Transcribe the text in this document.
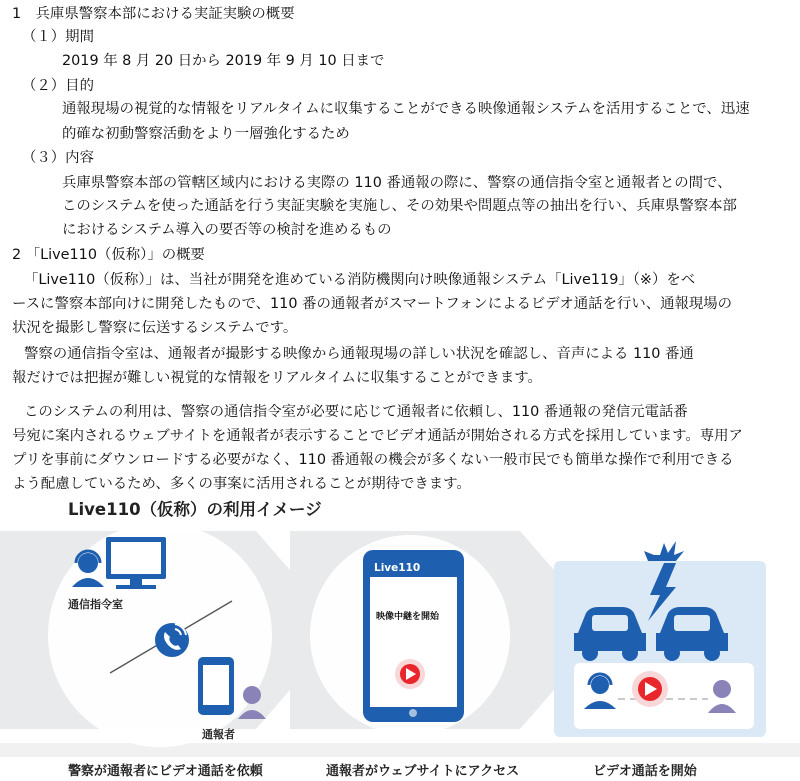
1　兵庫県警察本部における実証実験の概要
（１）期間
2019 年 8 月 20 日から 2019 年 9 月 10 日まで
（２）目的
通報現場の視覚的な情報をリアルタイムに収集することができる映像通報システムを活用することで、迅速
的確な初動警察活動をより一層強化するため
（３）内容
兵庫県警察本部の管轄区域内における実際の 110 番通報の際に、警察の通信指令室と通報者との間で、
このシステムを使った通話を行う実証実験を実施し、その効果や問題点等の抽出を行い、兵庫県警察本部
におけるシステム導入の要否等の検討を進めるもの
2 「Live110（仮称）」の概要
「Live110（仮称）」は、当社が開発を進めている消防機関向け映像通報システム「Live119」（※）をベ
ースに警察本部向けに開発したもので、110 番の通報者がスマートフォンによるビデオ通話を行い、通報現場の
状況を撮影し警察に伝送するシステムです。
警察の通信指令室は、通報者が撮影する映像から通報現場の詳しい状況を確認し、音声による 110 番通
報だけでは把握が難しい視覚的な情報をリアルタイムに収集することができます。
このシステムの利用は、警察の通信指令室が必要に応じて通報者に依頼し、110 番通報の発信元電話番
号宛に案内されるウェブサイトを通報者が表示することでビデオ通話が開始される方式を採用しています。専用ア
プリを事前にダウンロードする必要がなく、110 番通報の機会が多くない一般市民でも簡単な操作で利用できる
よう配慮しているため、多くの事案に活用されることが期待できます。
Live110（仮称）の利用イメージ
通信指令室
通報者
Live110
映像中継を開始
警察が通報者にビデオ通話を依頼	通報者がウェブサイトにアクセス	ビデオ通話を開始
